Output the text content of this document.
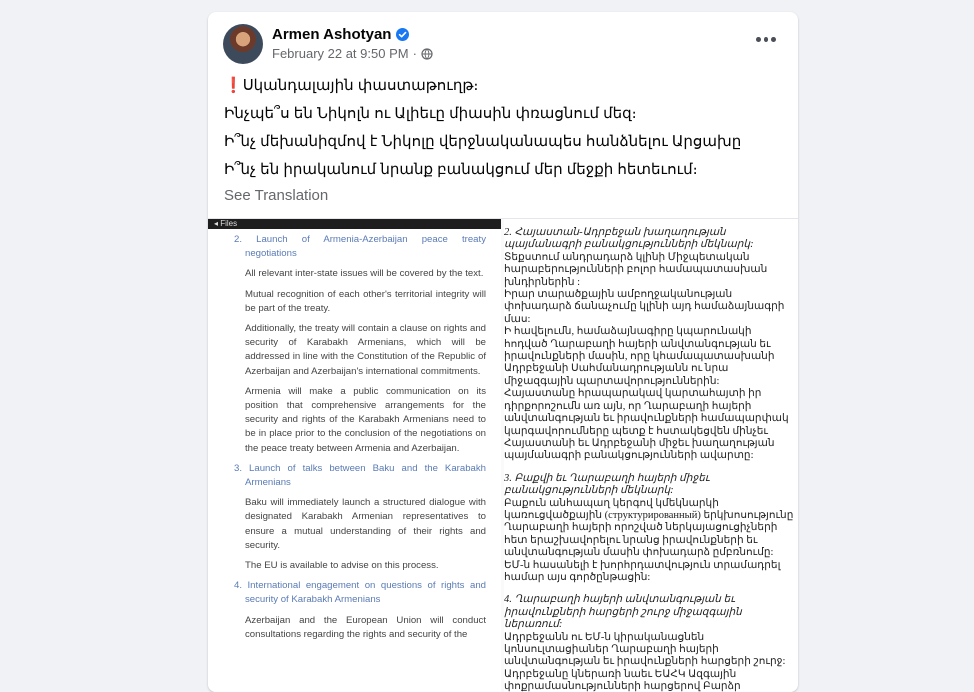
Armen Ashotyan
February 22 at 9:50 PM ·

❗Սկանդալային փաստաթուղթ։

Ինչպե՞ս են Նիկոլն ու Ալիեւը միասին փռացնում մեզ։

Ի՞նչ մեխանիզմով է Նիկոլը վերջնականապես հանձնելու Արցախը

Ի՞նչ են իրականում նրանք բանակցում մեր մեջքի հետեւում։

See Translation
◂ Files
2. Launch of Armenia-Azerbaijan peace treaty
negotiations
All relevant inter-state issues will be covered by the text.
Mutual recognition of each other's territorial integrity will be part of the treaty.
Additionally, the treaty will contain a clause on rights and security of Karabakh Armenians, which will be addressed in line with the Constitution of the Republic of Azerbaijan and Azerbaijan's international commitments.
Armenia will make a public communication on its position that comprehensive arrangements for the security and rights of the Karabakh Armenians need to be in place prior to the conclusion of the negotiations on the peace treaty between Armenia and Azerbaijan.
3. Launch of talks between Baku and the Karabakh
Armenians
Baku will immediately launch a structured dialogue with designated Karabakh Armenian representatives to ensure a mutual understanding of their rights and security.
The EU is available to advise on this process.
4. International engagement on questions of rights and
security of Karabakh Armenians
Azerbaijan and the European Union will conduct consultations regarding the rights and security of the
2. Հայաստան-Ադրբեջան խաղաղության պայմանագրի բանակցությունների մեկնարկ:
Տեքստում անդրադարձ կլինի Միջպետական հարաբերությունների բոլոր համապատասխան խնդիրներին :
Իրար տարածքային ամբողջականության փոխադարձ ճանաչումը կլինի այդ համաձայնագրի մաս:
Ի հավելումն, համաձայնագիրը կպարունակի հոդված Ղարաբաղի հայերի անվտանգության եւ իրավունքների մասին, որը կհամապատասխանի Ադրբեջանի Սահմանադրությանն ու նրա միջազգային պարտավորություններին:
Հայաստանը հրապարակավ կարտահայտի իր դիրքորոշումն առ այն, որ Ղարաբաղի հայերի անվտանգության եւ իրավունքների համապարփակ կարգավորումները պետք է հստակեցվեն մինչեւ Հայաստանի եւ Ադրբեջանի միջեւ խաղաղության պայմանագրի բանակցությունների ավարտը:
3. Բաքվի եւ Ղարաբաղի հայերի միջեւ բանակցությունների մեկնարկ:
Բաքուն անհապաղ կերգով կմեկնարկի կառուցվածքային (структурированный) երկխոսությունը Ղարաբաղի հայերի որոշված ներկայացուցիչների հետ երաշխավորելու նրանց իրավունքների եւ անվտանգության մասին փոխադարձ ըմբռնումը:
ԵՄ-ն հասանելի է խորհրդատվություն տրամադրել համար այս գործընթացին:
4. Ղարաբաղի հայերի անվտանգության եւ իրավունքների հարցերի շուրջ միջազգային ներառում:
Ադրբեջանն ու ԵՄ-ն կիրականացնեն կոնսուլտացիաներ Ղարաբաղի հայերի անվտանգության եւ իրավունքների հարցերի շուրջ:
Ադրբեջանը կներառի նաեւ ԵԱՀԿ Ազգային փոքրամասնությունների հարցերով Բարձր
